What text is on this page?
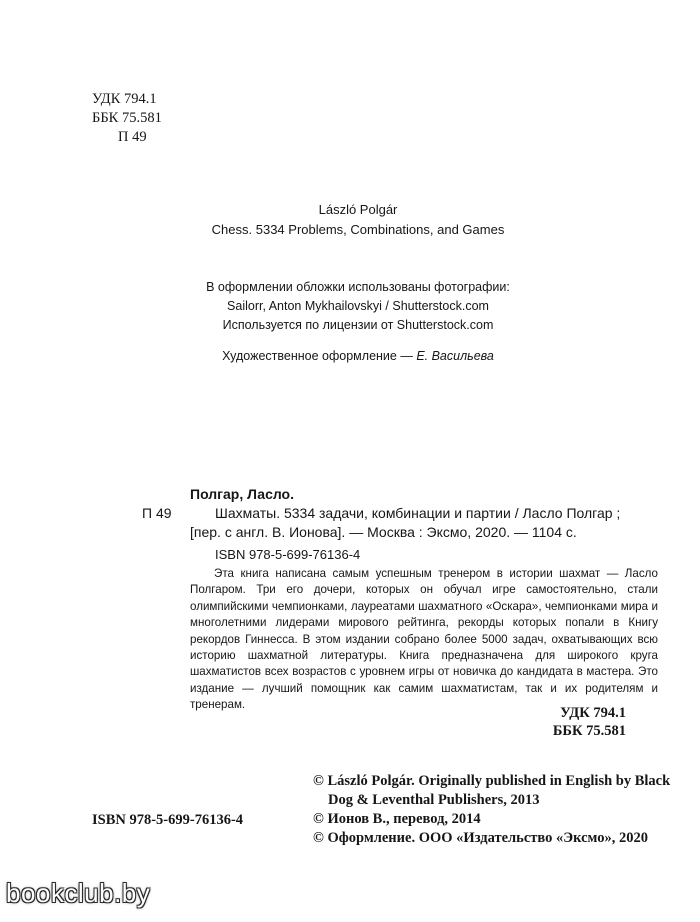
УДК 794.1
ББК 75.581
П 49
László Polgár
Chess. 5334 Problems, Combinations, and Games
В оформлении обложки использованы фотографии:
Sailorr, Anton Mykhailovskyi / Shutterstock.com
Используется по лицензии от Shutterstock.com
Художественное оформление — Е. Васильева
Полгар, Ласло.
П 49	Шахматы. 5334 задачи, комбинации и партии / Ласло Полгар ;
[пер. с англ. В. Ионова]. — Москва : Эксмо, 2020. — 1104 с.
ISBN 978-5-699-76136-4
Эта книга написана самым успешным тренером в истории шахмат — Ласло Полгаром. Три его дочери, которых он обучал игре самостоятельно, стали олимпийскими чемпионками, лауреатами шахматного «Оскара», чемпионками мира и многолетними лидерами мирового рейтинга, рекорды которых попали в Книгу рекордов Гиннесса. В этом издании собрано более 5000 задач, охватывающих всю историю шахматной литературы. Книга предназначена для широкого круга шахматистов всех возрастов с уровнем игры от новичка до кандидата в мастера. Это издание — лучший помощник как самим шахматистам, так и их родителям и тренерам.
УДК 794.1
ББК 75.581
ISBN 978-5-699-76136-4
© László Polgár. Originally published in English by Black
Dog & Leventhal Publishers, 2013
© Ионов В., перевод, 2014
© Оформление. ООО «Издательство «Эксмо», 2020
bookclub.by
